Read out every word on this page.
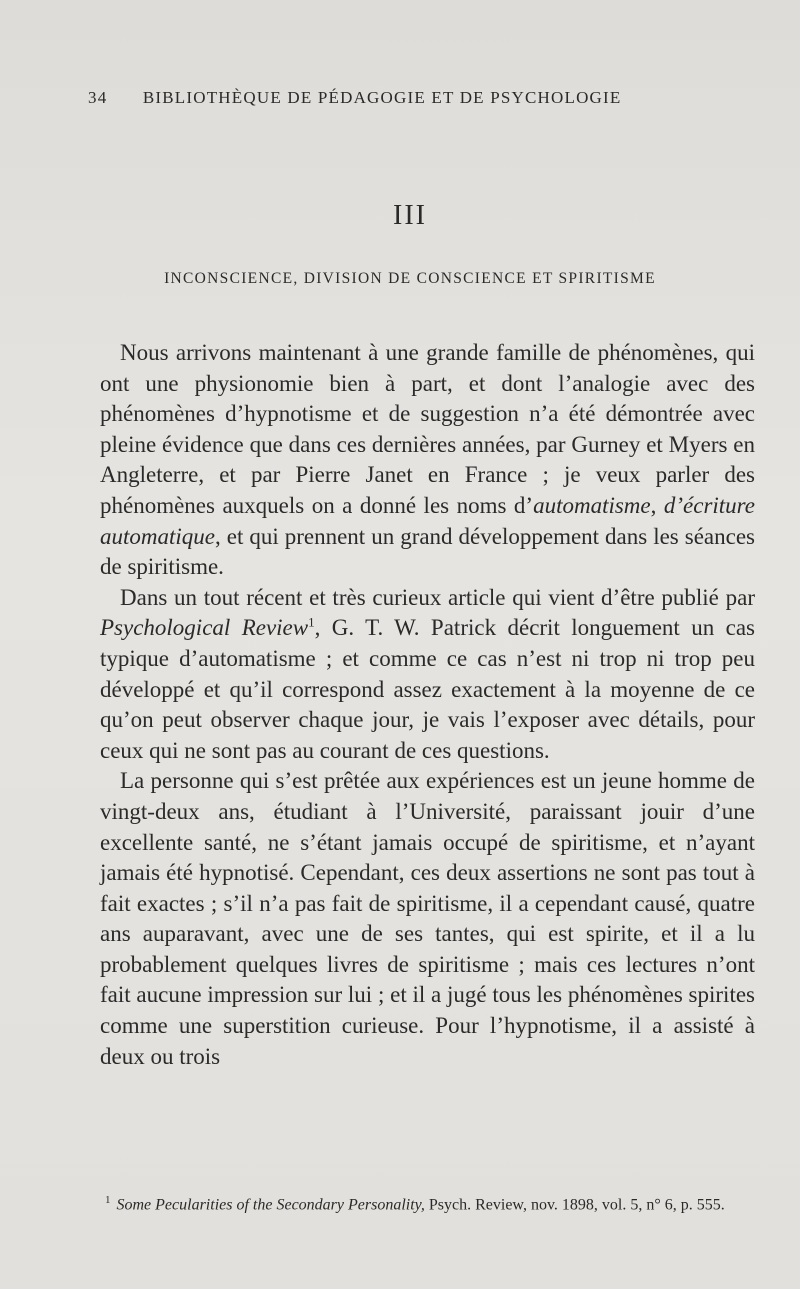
34 BIBLIOTHÈQUE DE PÉDAGOGIE ET DE PSYCHOLOGIE
III
INCONSCIENCE, DIVISION DE CONSCIENCE ET SPIRITISME

Nous arrivons maintenant à une grande famille de phénomènes, qui ont une physionomie bien à part, et dont l’analogie avec des phénomènes d’hypnotisme et de suggestion n’a été démontrée avec pleine évidence que dans ces dernières années, par Gurney et Myers en Angleterre, et par Pierre Janet en France ; je veux parler des phénomènes auxquels on a donné les noms d’automatisme, d’écriture automatique, et qui prennent un grand développement dans les séances de spiritisme.

Dans un tout récent et très curieux article qui vient d’être publié par Psychological Review$^1$, G. T. W. Patrick décrit longuement un cas typique d’automatisme ; et comme ce cas n’est ni trop ni trop peu développé et qu’il correspond assez exactement à la moyenne de ce qu’on peut observer chaque jour, je vais l’exposer avec détails, pour ceux qui ne sont pas au courant de ces questions.

La personne qui s’est prêtée aux expériences est un jeune homme de vingt-deux ans, étudiant à l’Université, paraissant jouir d’une excellente santé, ne s’étant jamais occupé de spiritisme, et n’ayant jamais été hypnotisé. Cependant, ces deux assertions ne sont pas tout à fait exactes ; s’il n’a pas fait de spiritisme, il a cependant causé, quatre ans auparavant, avec une de ses tantes, qui est spirite, et il a lu probablement quelques livres de spiritisme ; mais ces lectures n’ont fait aucune impression sur lui ; et il a jugé tous les phénomènes spirites comme une superstition curieuse. Pour l’hypnotisme, il a assisté à deux ou trois

$^1$ Some Pecularities of the Secondary Personality, Psych. Review, nov. 1898, vol. 5, n° 6, p. 555.
